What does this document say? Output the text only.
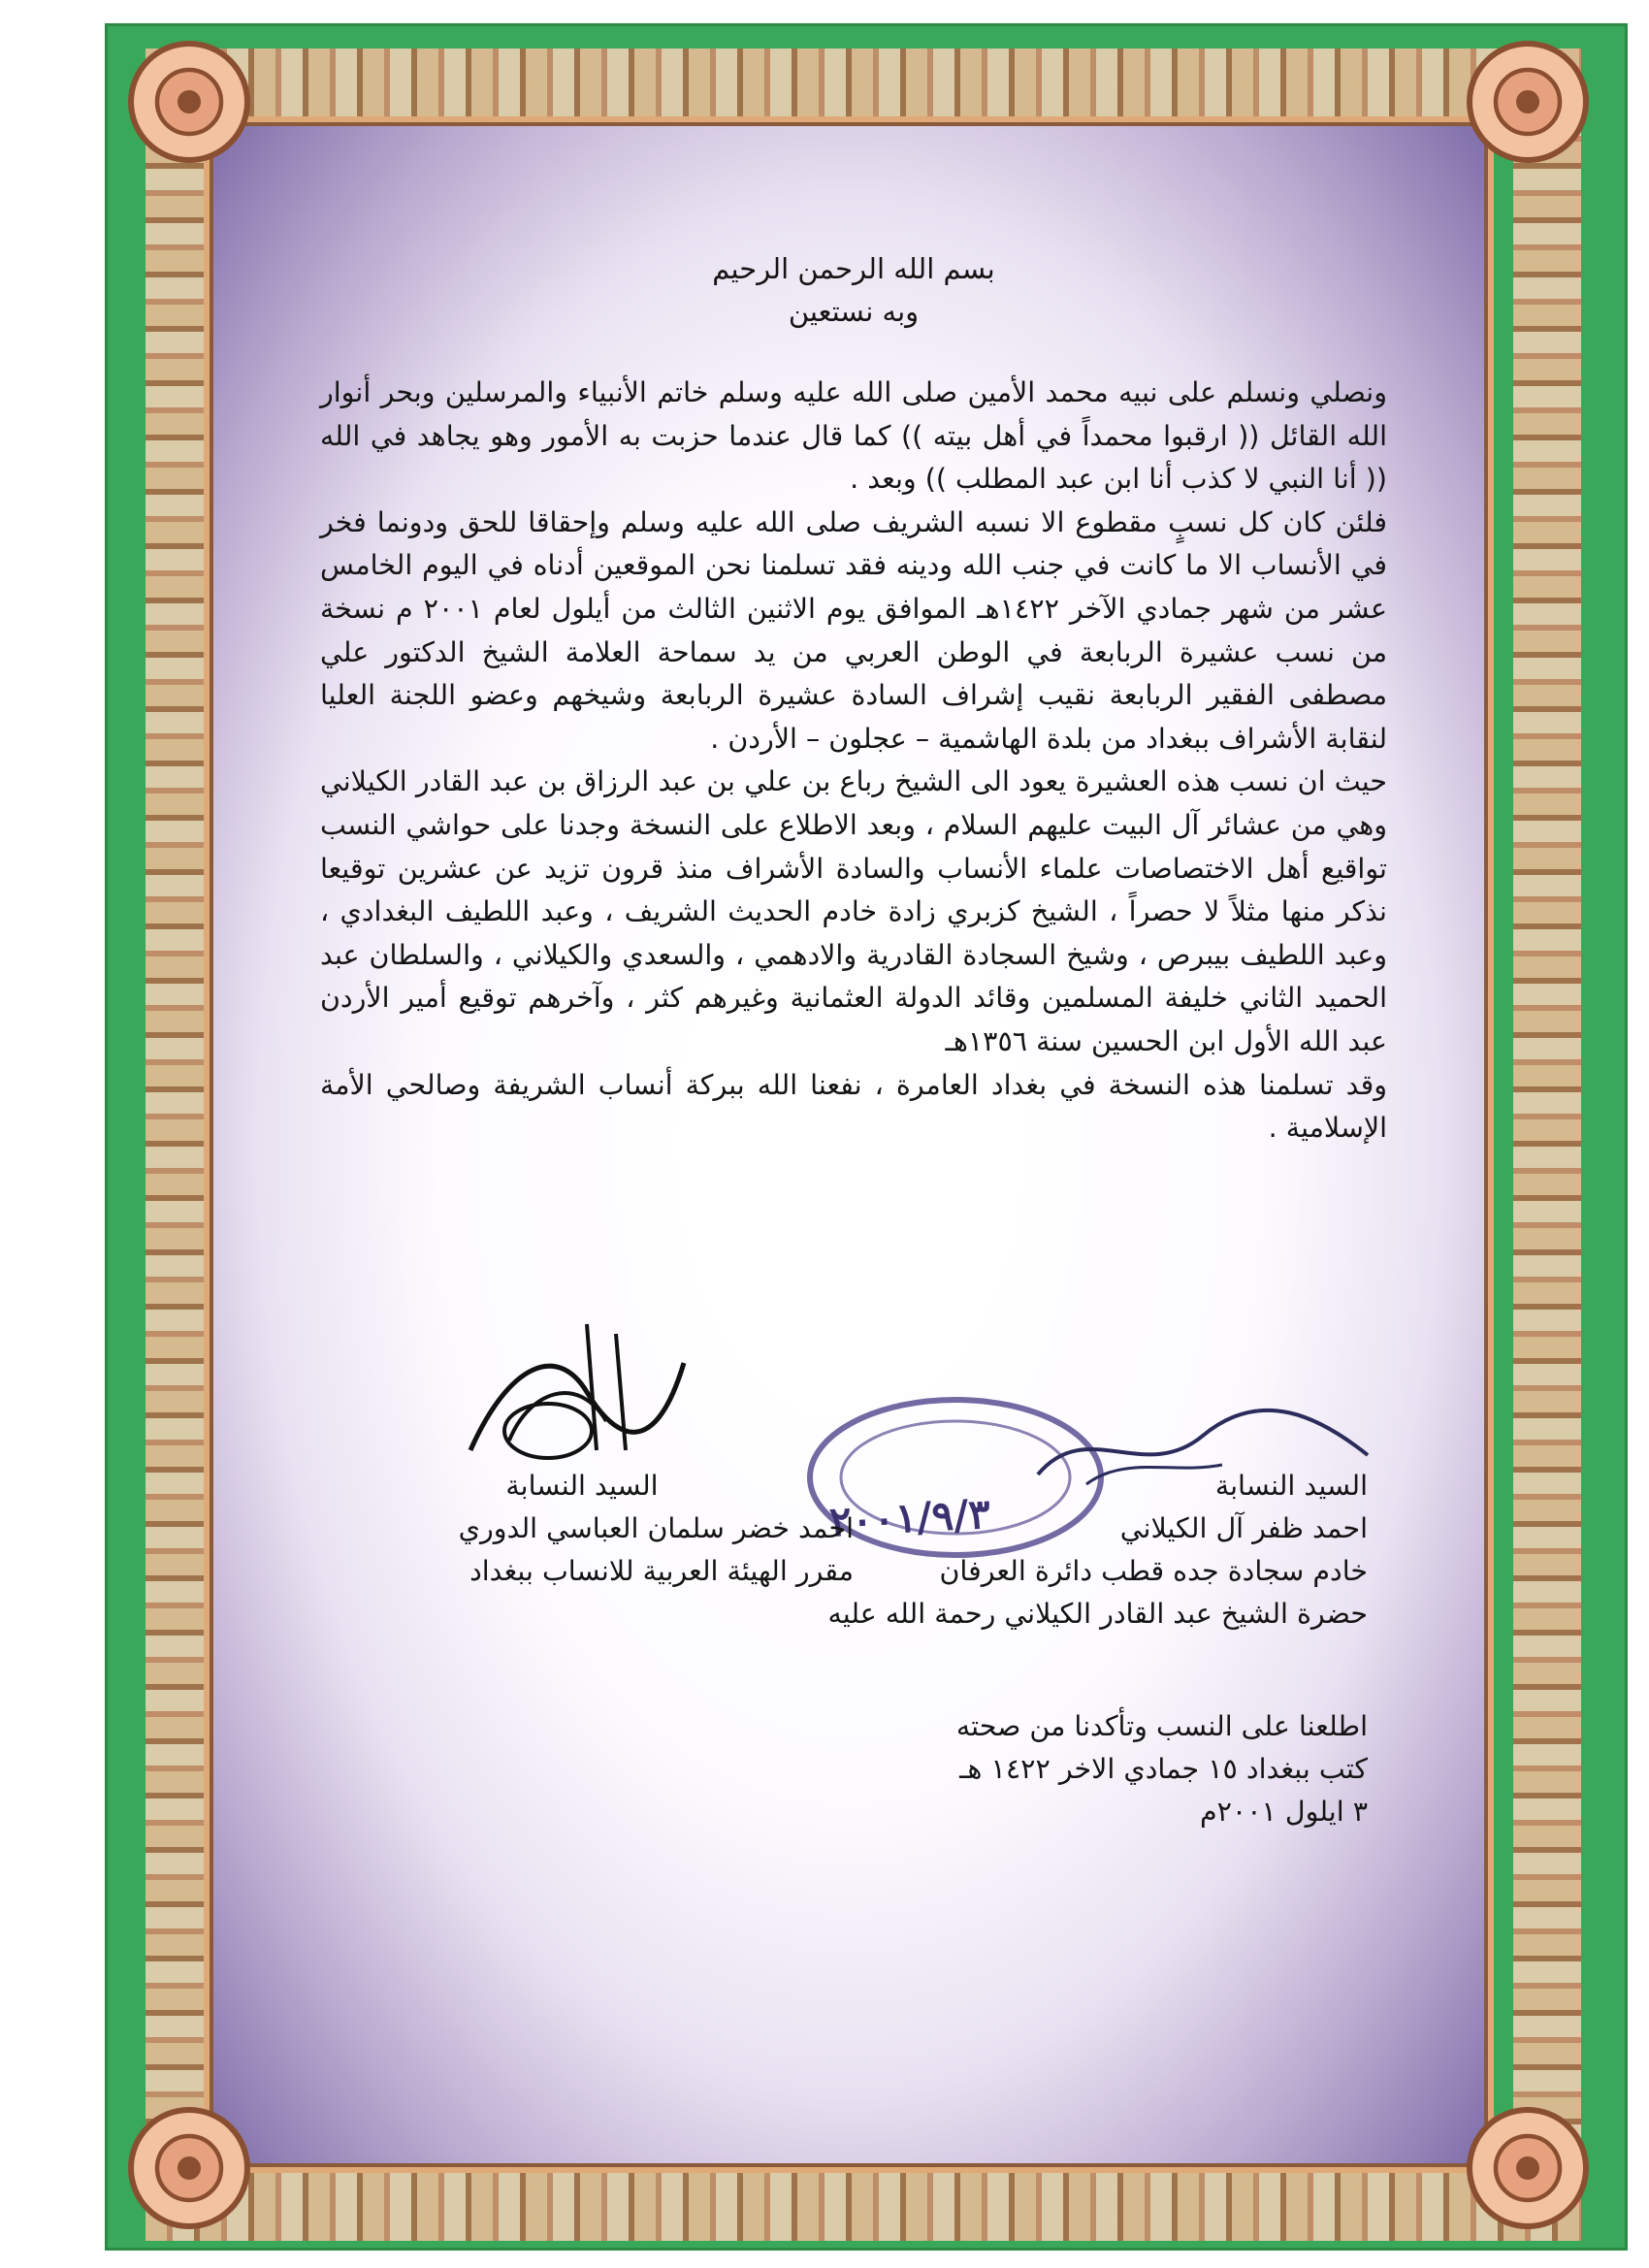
بسم الله الرحمن الرحيم

وبه نستعين

ونصلي ونسلم على نبيه محمد الأمين صلى الله عليه وسلم خاتم الأنبياء والمرسلين وبحر أنوار الله القائل (( ارقبوا محمداً في أهل بيته )) كما قال عندما حزبت به الأمور وهو يجاهد في الله (( أنا النبي لا كذب أنا ابن عبد المطلب )) وبعد .

فلئن كان كل نسبٍ مقطوع الا نسبه الشريف صلى الله عليه وسلم وإحقاقا للحق ودونما فخر في الأنساب الا ما كانت في جنب الله ودينه فقد تسلمنا نحن الموقعين أدناه في اليوم الخامس عشر من شهر جمادي الآخر ١٤٢٢هـ الموافق يوم الاثنين الثالث من أيلول لعام ٢٠٠١ م نسخة من نسب عشيرة الربابعة في الوطن العربي من يد سماحة العلامة الشيخ الدكتور علي مصطفى الفقير الربابعة نقيب إشراف السادة عشيرة الربابعة وشيخهم وعضو اللجنة العليا لنقابة الأشراف ببغداد من بلدة الهاشمية – عجلون – الأردن .

حيث ان نسب هذه العشيرة يعود الى الشيخ رباع بن علي بن عبد الرزاق بن عبد القادر الكيلاني وهي من عشائر آل البيت عليهم السلام ، وبعد الاطلاع على النسخة وجدنا على حواشي النسب تواقيع أهل الاختصاصات علماء الأنساب والسادة الأشراف منذ قرون تزيد عن عشرين توقيعا نذكر منها مثلاً لا حصراً ، الشيخ كزبري زادة خادم الحديث الشريف ، وعبد اللطيف البغدادي ، وعبد اللطيف بيبرص ، وشيخ السجادة القادرية والادهمي ، والسعدي والكيلاني ، والسلطان عبد الحميد الثاني خليفة المسلمين وقائد الدولة العثمانية وغيرهم كثر ، وآخرهم توقيع أمير الأردن عبد الله الأول ابن الحسين سنة ١٣٥٦هـ

وقد تسلمنا هذه النسخة في بغداد العامرة ، نفعنا الله ببركة أنساب الشريفة وصالحي الأمة الإسلامية .

٢٠٠١/٩/٣
السيد النسابة
احمد خضر سلمان العباسي الدوري
مقرر الهيئة العربية للانساب ببغداد
السيد النسابة
احمد ظفر آل الكيلاني
خادم سجادة جده قطب دائرة العرفان
حضرة الشيخ عبد القادر الكيلاني رحمة الله عليه
اطلعنا على النسب وتأكدنا من صحته
كتب ببغداد ١٥ جمادي الاخر ١٤٢٢ هـ
٣ ايلول ٢٠٠١م
